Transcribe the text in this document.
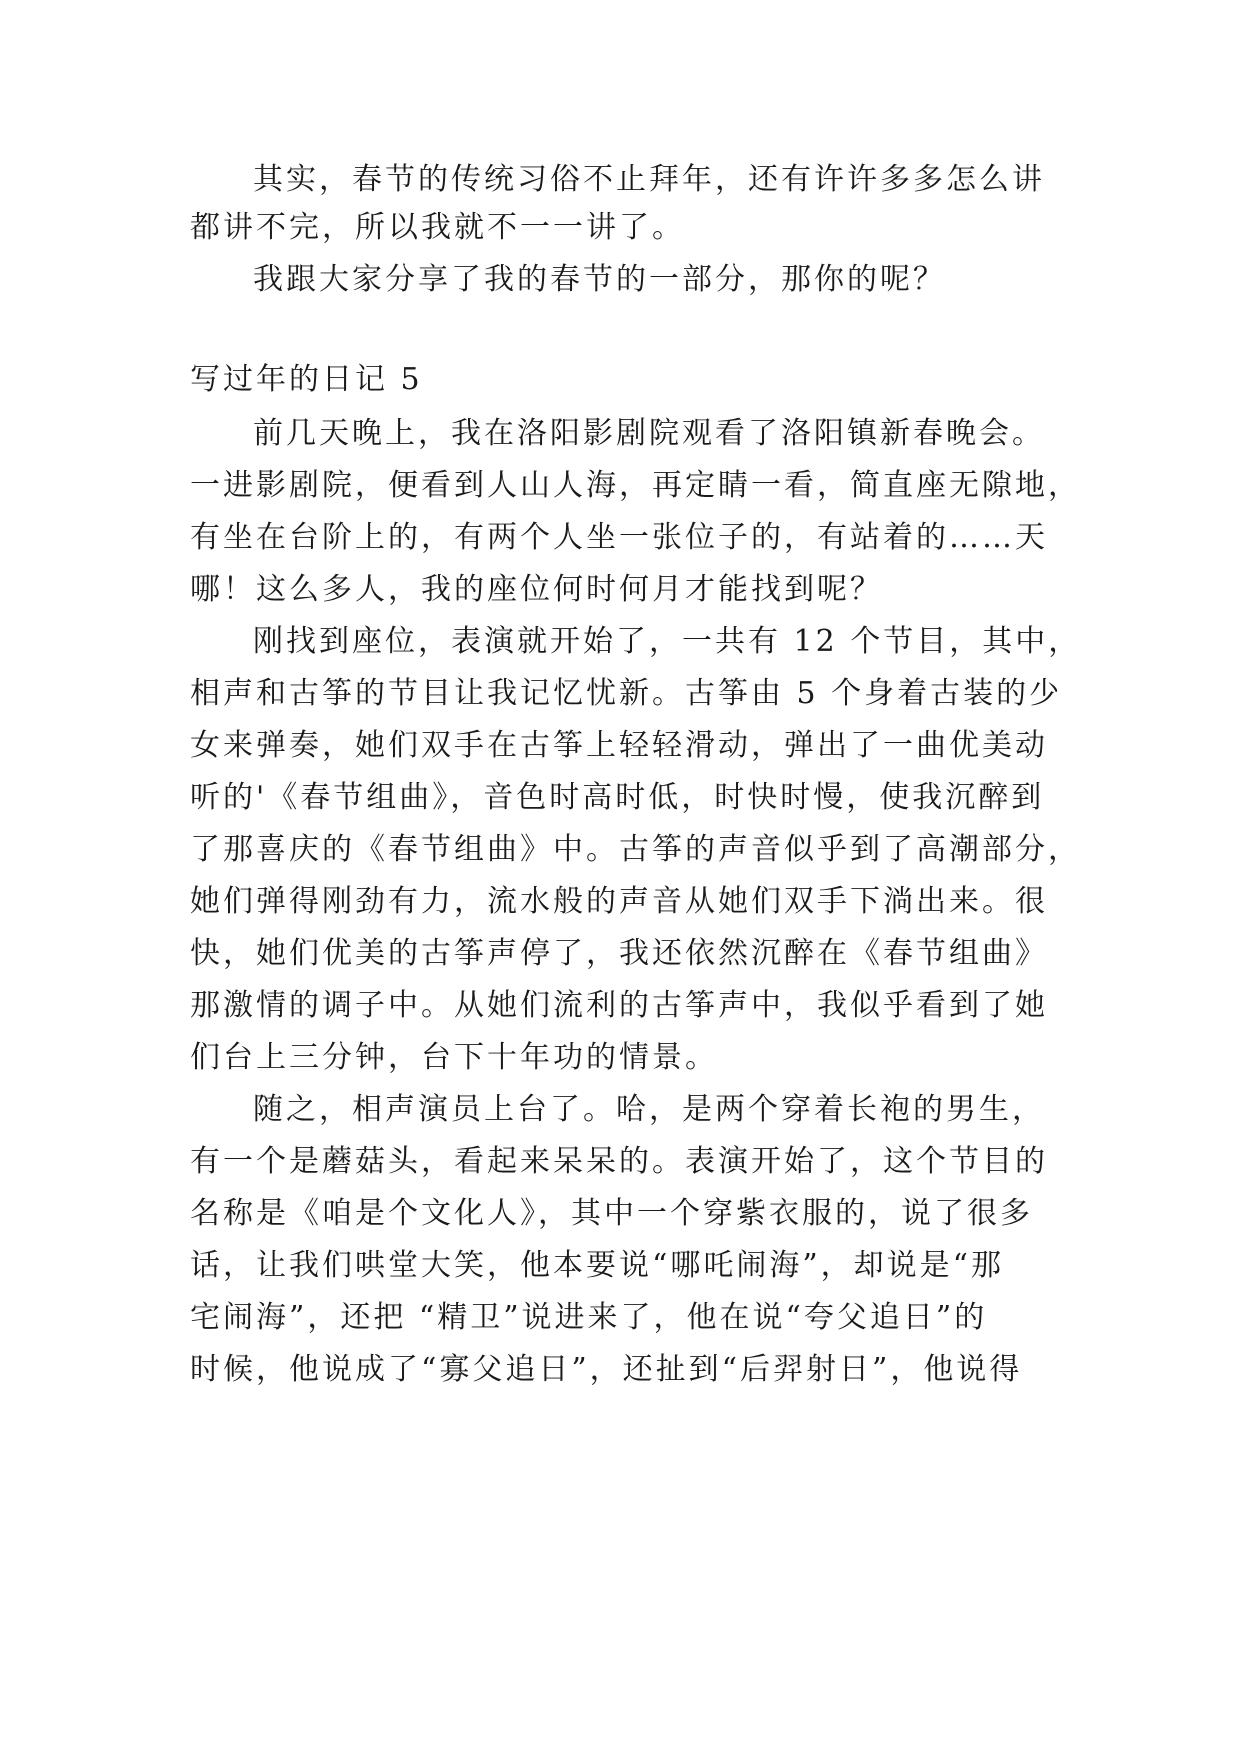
其实，春节的传统习俗不止拜年，还有许许多多怎么讲
都讲不完，所以我就不一一讲了。
我跟大家分享了我的春节的一部分，那你的呢？
写过年的日记 5
前几天晚上，我在洛阳影剧院观看了洛阳镇新春晚会。
一进影剧院，便看到人山人海，再定睛一看，简直座无隙地，
有坐在台阶上的，有两个人坐一张位子的，有站着的……天
哪！这么多人，我的座位何时何月才能找到呢？
刚找到座位，表演就开始了，一共有 12 个节目，其中，
相声和古筝的节目让我记忆忧新。古筝由 5 个身着古装的少
女来弹奏，她们双手在古筝上轻轻滑动，弹出了一曲优美动
听的'《春节组曲》，音色时高时低，时快时慢，使我沉醉到
了那喜庆的《春节组曲》中。古筝的声音似乎到了高潮部分，
她们弹得刚劲有力，流水般的声音从她们双手下淌出来。很
快，她们优美的古筝声停了，我还依然沉醉在《春节组曲》
那激情的调子中。从她们流利的古筝声中，我似乎看到了她
们台上三分钟，台下十年功的情景。
随之，相声演员上台了。哈，是两个穿着长袍的男生，
有一个是蘑菇头，看起来呆呆的。表演开始了，这个节目的
名称是《咱是个文化人》，其中一个穿紫衣服的，说了很多
话，让我们哄堂大笑，他本要说“哪吒闹海”，却说是“那
宅闹海”，还把 “精卫”说进来了，他在说“夸父追日”的
时候，他说成了“寡父追日”，还扯到“后羿射日”，他说得
